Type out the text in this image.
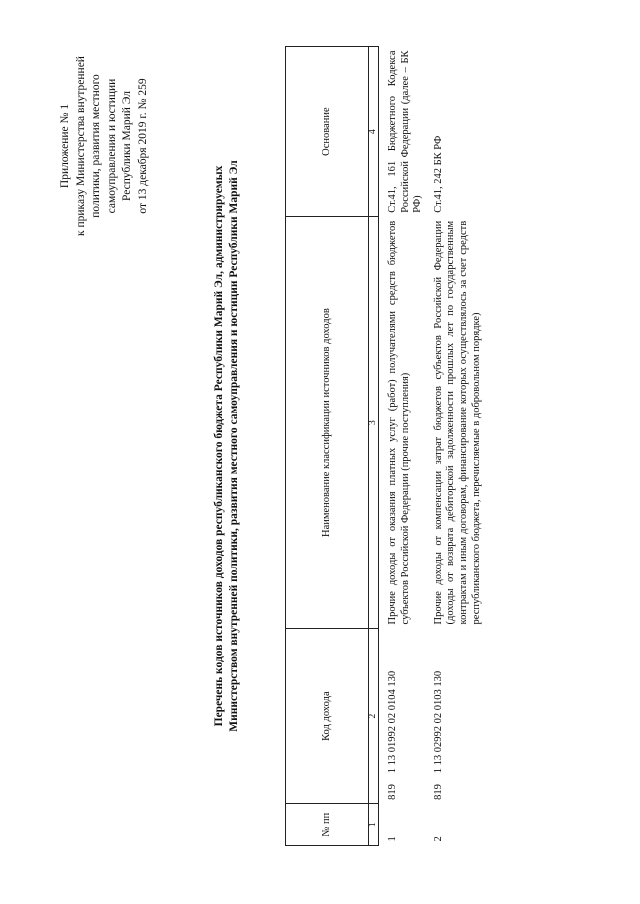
Приложение № 1 к приказу Министерства внутренней политики, развития местного самоуправления и юстиции Республики Марий Эл от 13 декабря 2019 г. № 259
Перечень кодов источников доходов республиканского бюджета Республики Марий Эл, администрируемых Министерством внутренней политики, развития местного самоуправления и юстиции Республики Марий Эл
№ пп	Код дохода	Наименование классификации источников доходов	Основание
1	2	3	4
1	819 1 13 01992 02 0104 130	Прочие доходы от оказания платных услуг (работ) получателями средств бюджетов субъектов Российской Федерации (прочие поступления)	Ст.41, 161 Бюджетного Кодекса Российской Федерации (далее – БК РФ)
2	819 1 13 02992 02 0103 130	Прочие доходы от компенсации затрат бюджетов субъектов Российской Федерации (доходы от возврата дебиторской задолженности прошлых лет по государственным контрактам и иным договорам, финансирование которых осуществлялось за счет средств республиканского бюджета, перечисляемые в добровольном порядке)	Ст.41, 242 БК РФ
